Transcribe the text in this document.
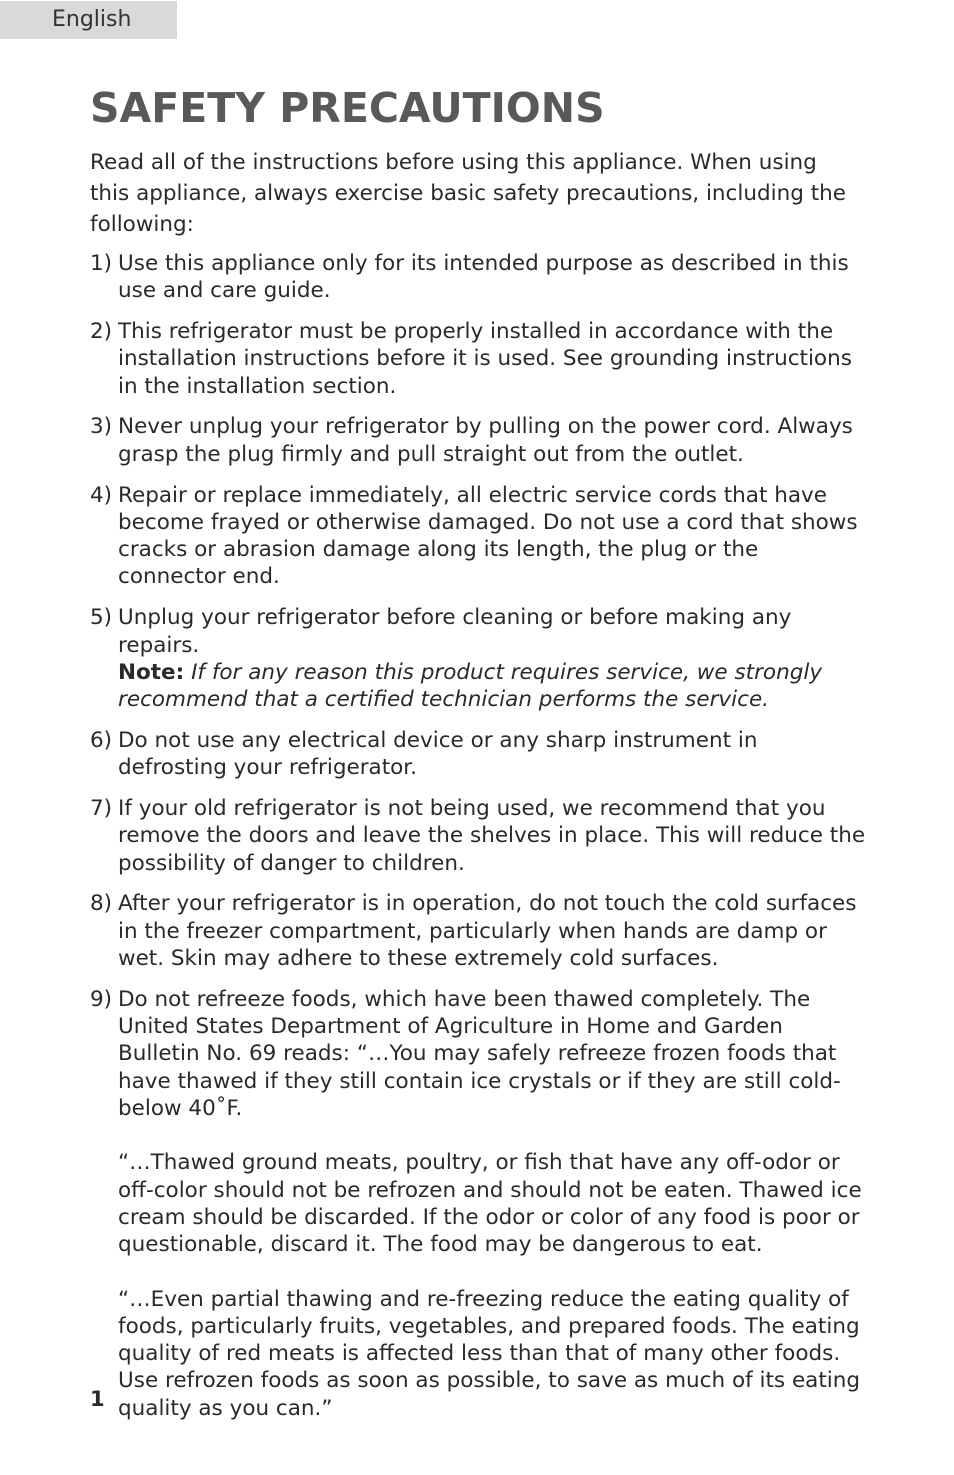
English
SAFETY PRECAUTIONS

Read all of the instructions before using this appliance. When using this appliance, always exercise basic safety precautions, including the following:

1) Use this appliance only for its intended purpose as described in this use and care guide.
2) This refrigerator must be properly installed in accordance with the installation instructions before it is used. See grounding instructions in the installation section.
3) Never unplug your refrigerator by pulling on the power cord. Always grasp the plug firmly and pull straight out from the outlet.
4) Repair or replace immediately, all electric service cords that have become frayed or otherwise damaged. Do not use a cord that shows cracks or abrasion damage along its length, the plug or the connector end.
5) Unplug your refrigerator before cleaning or before making any repairs.
Note: If for any reason this product requires service, we strongly recommend that a certified technician performs the service.
6) Do not use any electrical device or any sharp instrument in defrosting your refrigerator.
7) If your old refrigerator is not being used, we recommend that you remove the doors and leave the shelves in place. This will reduce the possibility of danger to children.
8) After your refrigerator is in operation, do not touch the cold surfaces in the freezer compartment, particularly when hands are damp or wet. Skin may adhere to these extremely cold surfaces.
9) Do not refreeze foods, which have been thawed completely. The United States Department of Agriculture in Home and Garden Bulletin No. 69 reads: “…You may safely refreeze frozen foods that have thawed if they still contain ice crystals or if they are still cold-below 40˚F.
“…Thawed ground meats, poultry, or fish that have any off-odor or off-color should not be refrozen and should not be eaten. Thawed ice cream should be discarded. If the odor or color of any food is poor or questionable, discard it. The food may be dangerous to eat.
“…Even partial thawing and re-freezing reduce the eating quality of foods, particularly fruits, vegetables, and prepared foods. The eating quality of red meats is affected less than that of many other foods. Use refrozen foods as soon as possible, to save as much of its eating quality as you can.”
1
